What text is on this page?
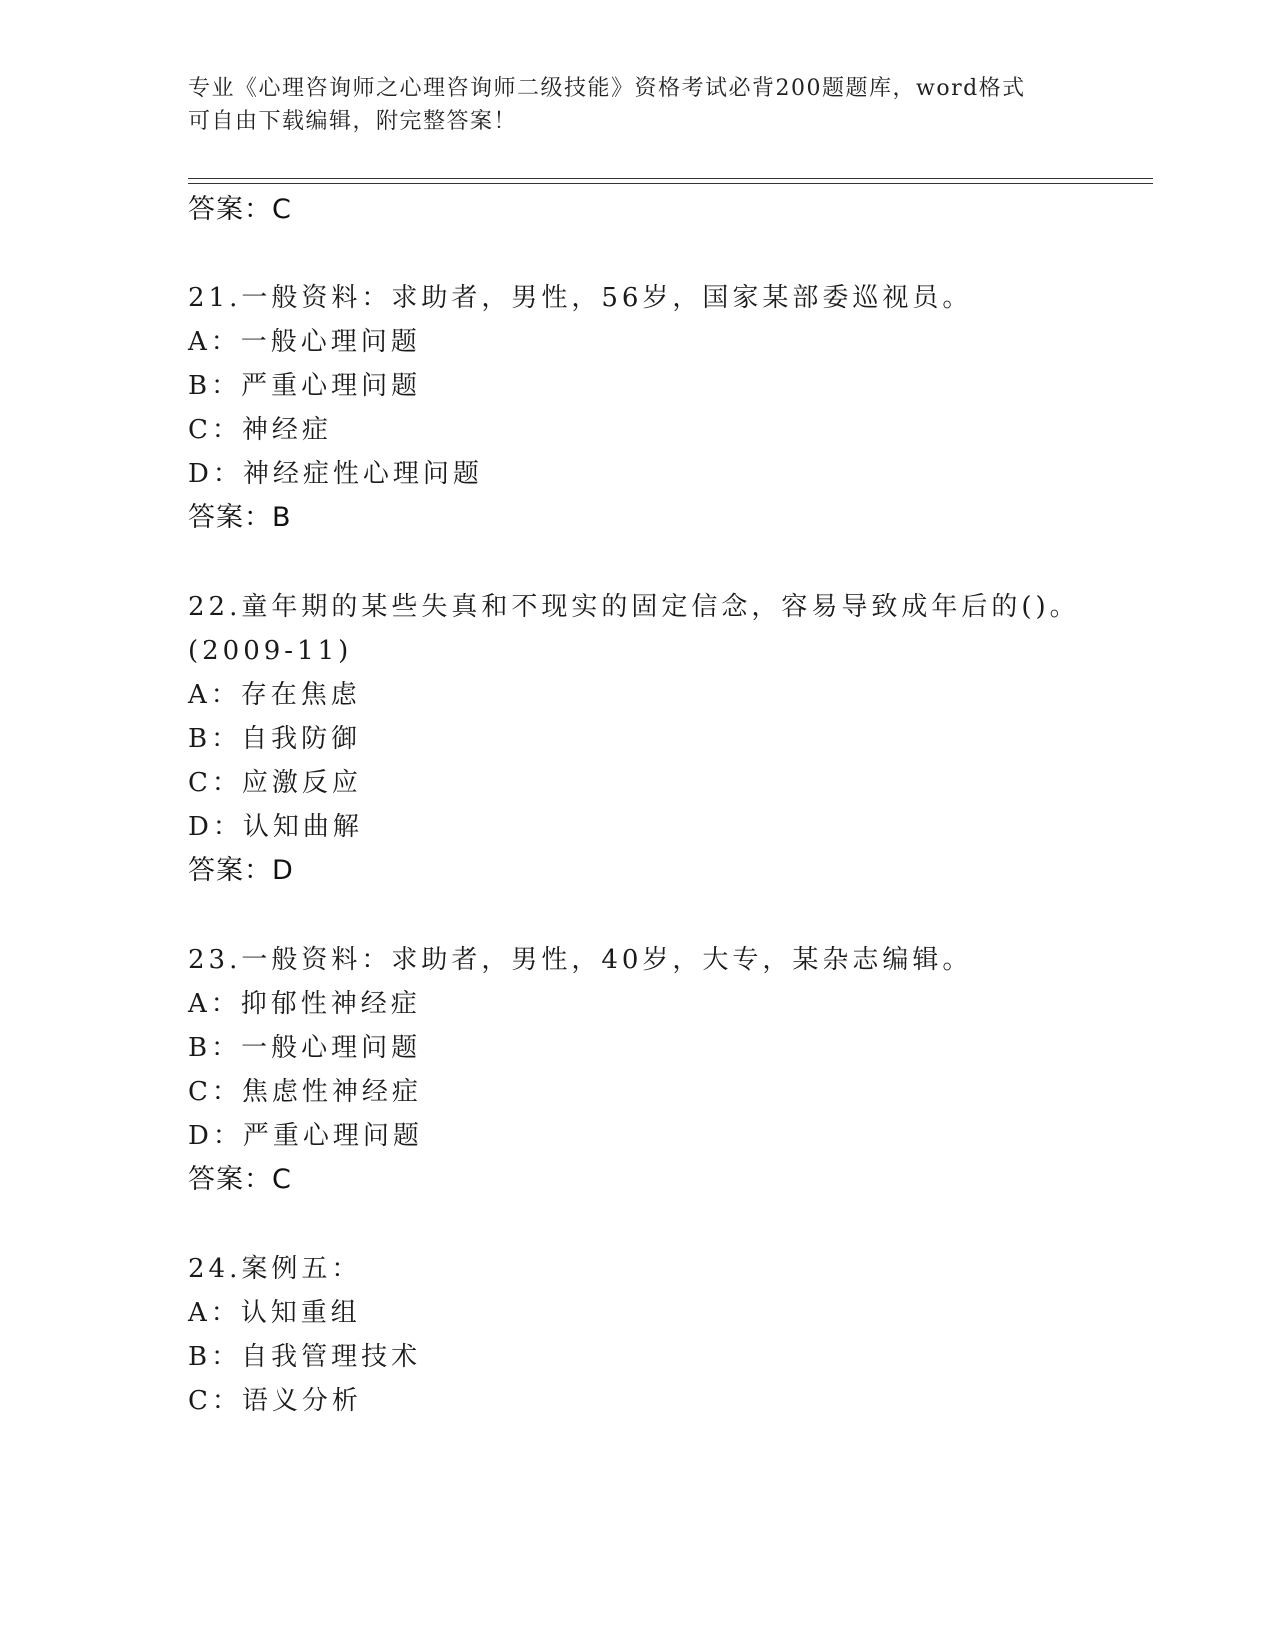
专业《心理咨询师之心理咨询师二级技能》资格考试必背200题题库，word格式
可自由下载编辑，附完整答案！
答案：C
21.一般资料：求助者，男性，56岁，国家某部委巡视员。
A：一般心理问题
B：严重心理问题
C：神经症
D：神经症性心理问题
答案：B
22.童年期的某些失真和不现实的固定信念，容易导致成年后的()。
(2009-11)
A：存在焦虑
B：自我防御
C：应激反应
D：认知曲解
答案：D
23.一般资料：求助者，男性，40岁，大专，某杂志编辑。
A：抑郁性神经症
B：一般心理问题
C：焦虑性神经症
D：严重心理问题
答案：C
24.案例五：
A：认知重组
B：自我管理技术
C：语义分析
